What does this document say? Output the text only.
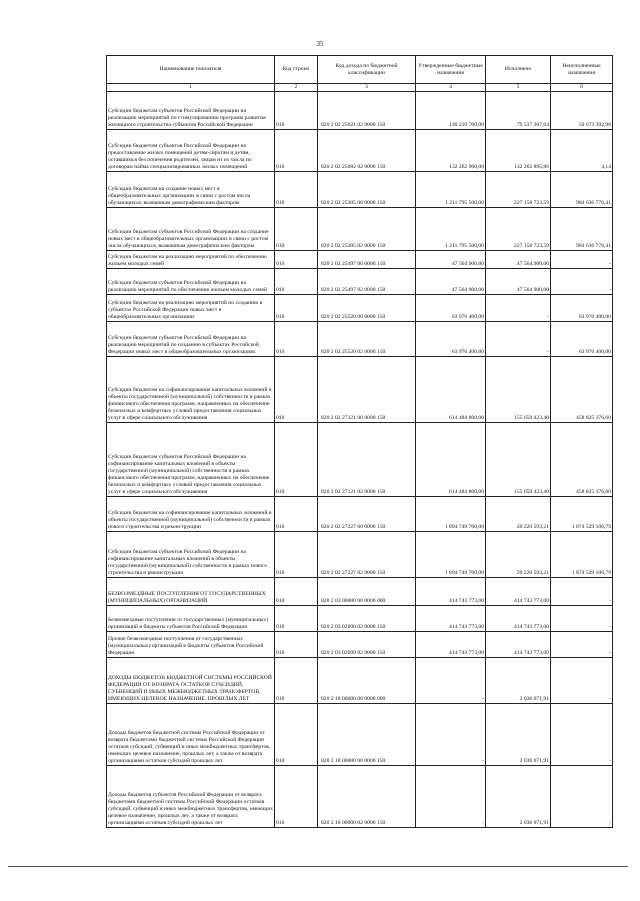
35
Наименование показателя	Код строки	Код дохода по бюджетной классификации	Утвержденные бюджетные назначения	Исполнено	Неисполненные назначения
1	2	3	4	5	6
Субсидии бюджетам субъектов Российской Федерации на реализацию мероприятий по стимулированию программ развития жилищного строительства субъектов Российской Федерации	010	820 2 02 25021 02 0000 150	130 210 700,00	79 537 307,04	50 673 392,96
Субсидии бюджетам субъектов Российской Федерации на предоставление жилых помещений детям-сиротам и детям, оставшимся без попечения родителей, лицам из их числа по договорам найма специализированных жилых помещений	010	820 2 02 25082 02 0000 150	132 262 900,00	132 262 895,86	4,14
Субсидии бюджетам на создание новых мест в общеобразовательных организациях в связи с ростом числа обучающихся, вызванным демографическим фактором	010	820 2 02 25305 00 0000 150	1 211 795 500,00	227 158 723,59	984 636 776,41
Субсидии бюджетам субъектов Российской Федерации на создание новых мест в общеобразовательных организациях в связи с ростом числа обучающихся, вызванным демографическим фактором	010	820 2 02 25305 02 0000 150	1 211 795 500,00	227 158 723,59	984 636 776,41
Субсидии бюджетам на реализацию мероприятий по обеспечению жильем молодых семей	010	820 2 02 25497 00 0000 150	47 564 900,00	47 564 900,00	-
Субсидии бюджетам субъектов Российской Федерации на реализацию мероприятий по обеспечению жильем молодых семей	010	820 2 02 25497 02 0000 150	47 564 900,00	47 564 900,00	-
Субсидии бюджетам на реализацию мероприятий по созданию в субъектах Российской Федерации новых мест в общеобразовательных организациях	010	820 2 02 25520 00 0000 150	63 976 400,00	-	63 976 400,00
Субсидии бюджетам субъектов Российской Федерации на реализацию мероприятий по созданию в субъектах Российской Федерации новых мест в общеобразовательных организациях	010	820 2 02 25520 02 0000 150	63 976 400,00	-	63 976 400,00
Субсидии бюджетам на софинансирование капитальных вложений в объекты государственной (муниципальной) собственности в рамках финансового обеспечения программ, направленных на обеспечение безопасных и комфортных условий предоставления социальных услуг в сфере социального обслуживания	010	820 2 02 27121 00 0000 150	614 484 800,00	155 659 423,40	458 825 376,60
Субсидии бюджетам субъектов Российской Федерации на софинансирование капитальных вложений в объекты государственной (муниципальной) собственности в рамках финансового обеспечения программ, направленных на обеспечение безопасных и комфортных условий предоставления социальных услуг в сфере социального обслуживания	010	820 2 02 27121 02 0000 150	614 484 800,00	155 659 423,40	458 825 376,60
Субсидии бюджетам на софинансирование капитальных вложений в объекты государственной (муниципальной) собственности в рамках нового строительства и реконструкции	010	820 2 02 27227 00 0000 150	1 894 749 700,00	20 220 593,21	1 874 529 106,79
Субсидии бюджетам субъектов Российской Федерации на софинансирование капитальных вложений в объекты государственной (муниципальной) собственности в рамках нового строительства и реконструкции	010	820 2 02 27227 02 0000 150	1 894 749 700,00	20 220 593,21	1 874 529 106,79
БЕЗВОЗМЕЗДНЫЕ ПОСТУПЛЕНИЯ ОТ ГОСУДАРСТВЕННЫХ (МУНИЦИПАЛЬНЫХ) ОРГАНИЗАЦИЙ	010	820 2 03 00000 00 0000 000	414 743 773,00	414 743 773,00	-
Безвозмездные поступления от государственных (муниципальных) организаций в бюджеты субъектов Российской Федерации	010	820 2 03 02000 02 0000 150	414 743 773,00	414 743 773,00	-
Прочие безвозмездные поступления от государственных (муниципальных) организаций в бюджеты субъектов Российской Федерации	010	820 2 03 02099 02 0000 150	414 743 773,00	414 743 773,00	-
ДОХОДЫ БЮДЖЕТОВ БЮДЖЕТНОЙ СИСТЕМЫ РОССИЙСКОЙ ФЕДЕРАЦИИ ОТ ВОЗВРАТА ОСТАТКОВ СУБСИДИЙ, СУБВЕНЦИЙ И ИНЫХ МЕЖБЮДЖЕТНЫХ ТРАНСФЕРТОВ, ИМЕЮЩИХ ЦЕЛЕВОЕ НАЗНАЧЕНИЕ, ПРОШЛЫХ ЛЕТ	010	820 2 18 00000 00 0000 000	-	2 036 071,91	-
Доходы бюджетов бюджетной системы Российской Федерации от возврата бюджетами бюджетной системы Российской Федерации остатков субсидий, субвенций и иных межбюджетных трансфертов, имеющих целевое назначение, прошлых лет, а также от возврата организациями остатков субсидий прошлых лет	010	820 2 18 00000 00 0000 150	-	2 036 071,91	-
Доходы бюджетов субъектов Российской Федерации от возврата бюджетами бюджетной системы Российской Федерации остатков субсидий, субвенций и иных межбюджетных трансфертов, имеющих целевое назначение, прошлых лет, а также от возврата организациями остатков субсидий прошлых лет	010	820 2 18 00000 02 0000 150	-	2 036 071,91	-
